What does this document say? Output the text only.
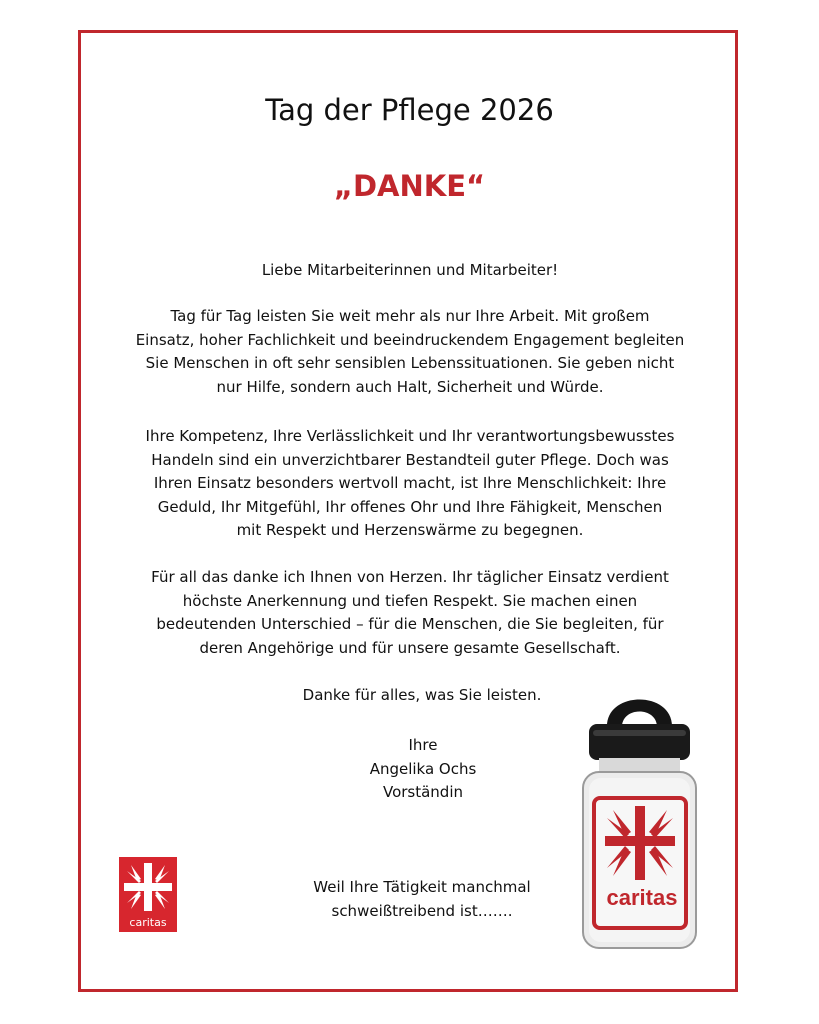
Tag der Pflege 2026
„DANKE“
Liebe Mitarbeiterinnen und Mitarbeiter!
Tag für Tag leisten Sie weit mehr als nur Ihre Arbeit. Mit großem
Einsatz, hoher Fachlichkeit und beeindruckendem Engagement begleiten
Sie Menschen in oft sehr sensiblen Lebenssituationen. Sie geben nicht
nur Hilfe, sondern auch Halt, Sicherheit und Würde.
Ihre Kompetenz, Ihre Verlässlichkeit und Ihr verantwortungsbewusstes
Handeln sind ein unverzichtbarer Bestandteil guter Pflege. Doch was
Ihren Einsatz besonders wertvoll macht, ist Ihre Menschlichkeit: Ihre
Geduld, Ihr Mitgefühl, Ihr offenes Ohr und Ihre Fähigkeit, Menschen
mit Respekt und Herzenswärme zu begegnen.
Für all das danke ich Ihnen von Herzen. Ihr täglicher Einsatz verdient
höchste Anerkennung und tiefen Respekt. Sie machen einen
bedeutenden Unterschied – für die Menschen, die Sie begleiten, für
deren Angehörige und für unsere gesamte Gesellschaft.
Danke für alles, was Sie leisten.
Ihre
Angelika Ochs
Vorständin
Weil Ihre Tätigkeit manchmal
schweißtreibend ist…….
caritas
caritas
